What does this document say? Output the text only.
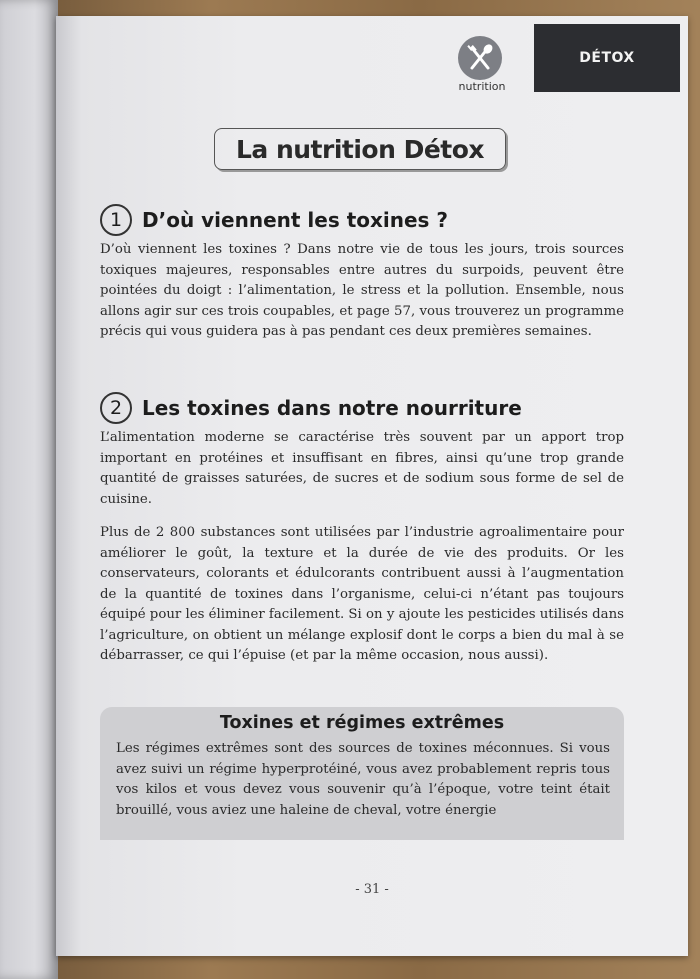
nutrition
DÉTOX
La nutrition Détox
1 D’où viennent les toxines ?

D’où viennent les toxines ? Dans notre vie de tous les jours, trois sources toxiques majeures, responsables entre autres du surpoids, peuvent être pointées du doigt : l’alimentation, le stress et la pollution. Ensemble, nous allons agir sur ces trois coupables, et page 57, vous trouverez un programme précis qui vous guidera pas à pas pendant ces deux premières semaines.

2 Les toxines dans notre nourriture

L’alimentation moderne se caractérise très souvent par un apport trop important en protéines et insuffisant en fibres, ainsi qu’une trop grande quantité de graisses saturées, de sucres et de sodium sous forme de sel de cuisine.

Plus de 2 800 substances sont utilisées par l’industrie agroalimentaire pour améliorer le goût, la texture et la durée de vie des produits. Or les conservateurs, colorants et édulcorants contribuent aussi à l’augmentation de la quantité de toxines dans l’organisme, celui-ci n’étant pas toujours équipé pour les éliminer facilement. Si on y ajoute les pesticides utilisés dans l’agriculture, on obtient un mélange explosif dont le corps a bien du mal à se débarrasser, ce qui l’épuise (et par la même occasion, nous aussi).

Toxines et régimes extrêmes
Les régimes extrêmes sont des sources de toxines méconnues. Si vous avez suivi un régime hyperprotéiné, vous avez probablement repris tous vos kilos et vous devez vous souvenir qu’à l’époque, votre teint était brouillé, vous aviez une haleine de cheval, votre énergie
- 31 -
